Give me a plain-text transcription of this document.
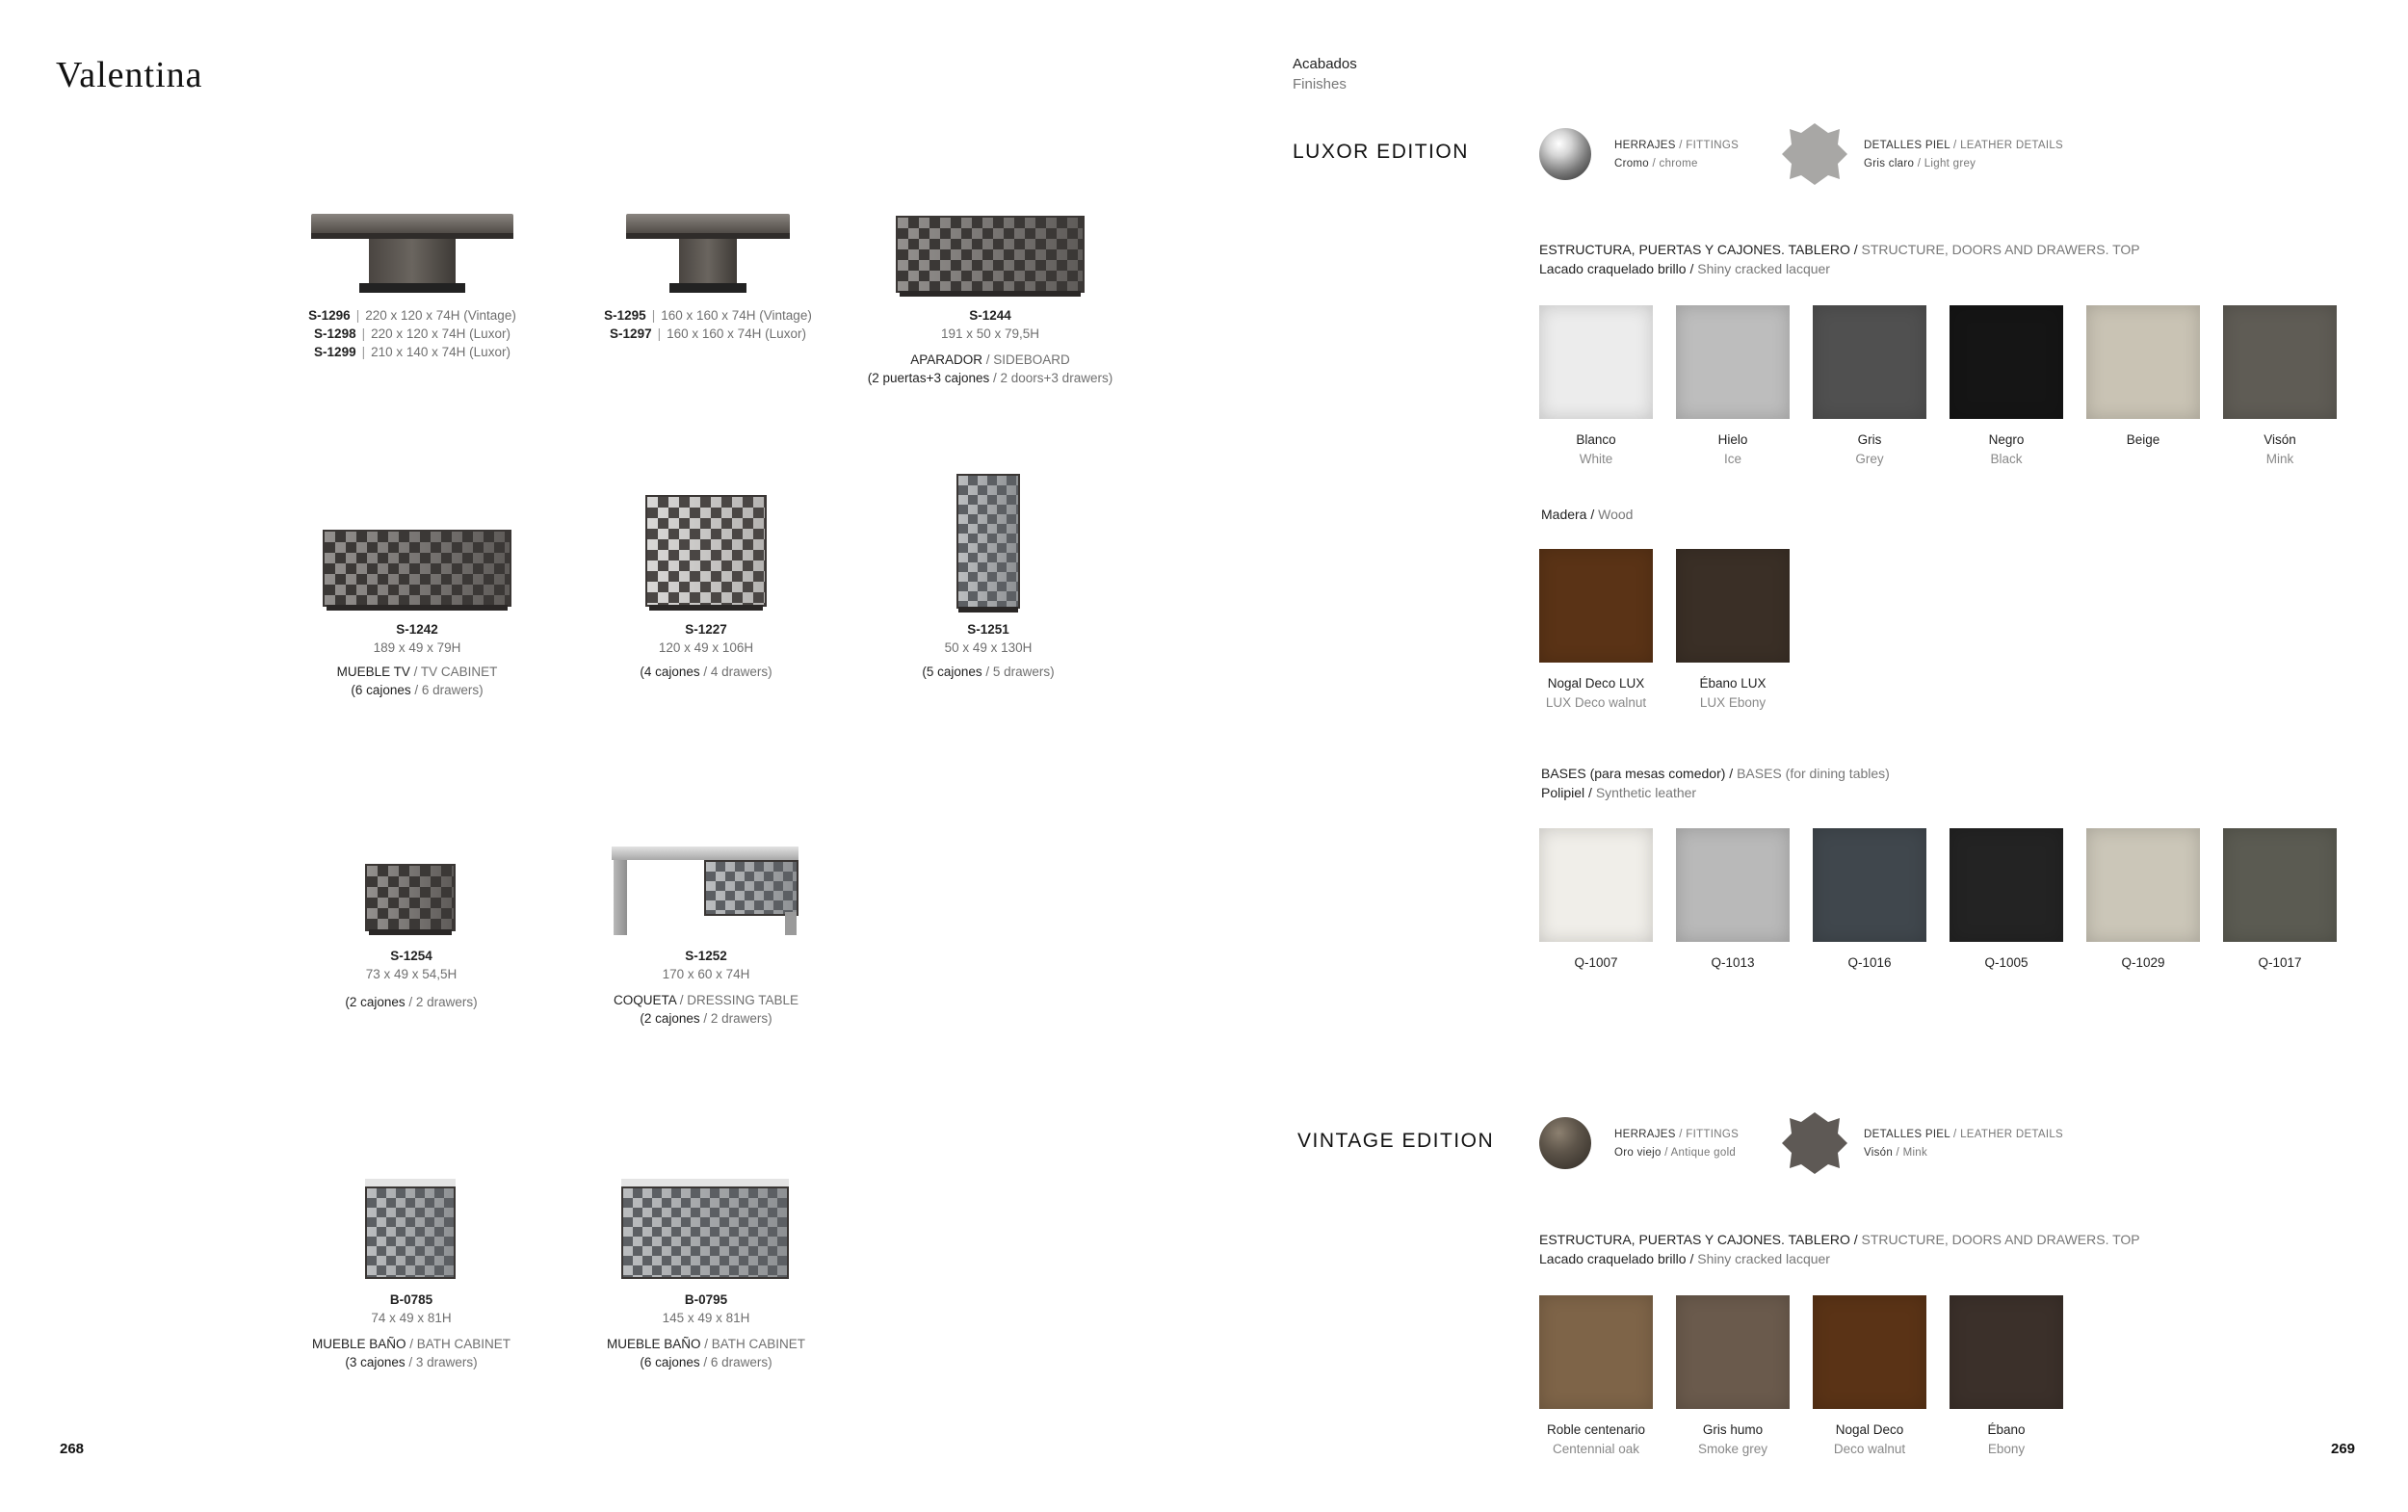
Valentina
268
S-1296 | 220 x 120 x 74H (Vintage)
S-1298 | 220 x 120 x 74H (Luxor)
S-1299 | 210 x 140 x 74H (Luxor)
S-1295 | 160 x 160 x 74H (Vintage)
S-1297 | 160 x 160 x 74H (Luxor)
S-1244
191 x 50 x 79,5H
APARADOR / SIDEBOARD
(2 puertas+3 cajones / 2 doors+3 drawers)
S-1242
189 x 49 x 79H
MUEBLE TV / TV CABINET
(6 cajones / 6 drawers)
S-1227
120 x 49 x 106H
(4 cajones / 4 drawers)
S-1251
50 x 49 x 130H
(5 cajones / 5 drawers)
S-1254
73 x 49 x 54,5H
(2 cajones / 2 drawers)
S-1252
170 x 60 x 74H
COQUETA / DRESSING TABLE
(2 cajones / 2 drawers)
B-0785
74 x 49 x 81H
MUEBLE BAÑO / BATH CABINET
(3 cajones / 3 drawers)
B-0795
145 x 49 x 81H
MUEBLE BAÑO / BATH CABINET
(6 cajones / 6 drawers)
Acabados
Finishes
269
LUXOR EDITION	HERRAJES / FITTINGS
Cromo / chrome
DETALLES PIEL / LEATHER DETAILS
Gris claro / Light grey
ESTRUCTURA, PUERTAS Y CAJONES. TABLERO / STRUCTURE, DOORS AND DRAWERS. TOP
Lacado craquelado brillo / Shiny cracked lacquer
Blanco
White
Hielo
Ice
Gris
Grey
Negro
Black
Beige	Visón
Mink
Madera / Wood
Nogal Deco LUX
LUX Deco walnut
Ébano LUX
LUX Ebony
BASES (para mesas comedor) / BASES (for dining tables)
Polipiel / Synthetic leather
Q-1007	Q-1013	Q-1016	Q-1005	Q-1029	Q-1017
VINTAGE EDITION	HERRAJES / FITTINGS
Oro viejo / Antique gold
DETALLES PIEL / LEATHER DETAILS
Visón / Mink
ESTRUCTURA, PUERTAS Y CAJONES. TABLERO / STRUCTURE, DOORS AND DRAWERS. TOP
Lacado craquelado brillo / Shiny cracked lacquer
Roble centenario
Centennial oak
Gris humo
Smoke grey
Nogal Deco
Deco walnut
Ébano
Ebony
